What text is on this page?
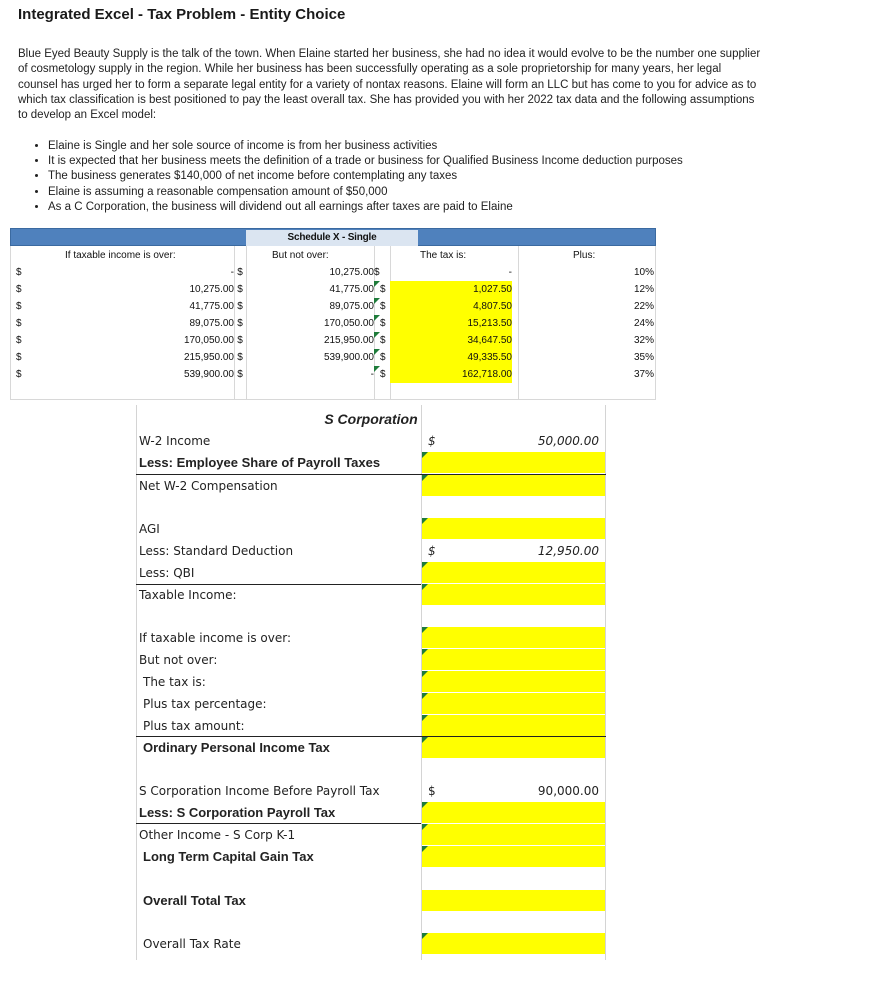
Integrated Excel - Tax Problem - Entity Choice
Blue Eyed Beauty Supply is the talk of the town. When Elaine started her business, she had no idea it would evolve to be the number one supplier of cosmetology supply in the region. While her business has been successfully operating as a sole proprietorship for many years, her legal counsel has urged her to form a separate legal entity for a variety of nontax reasons. Elaine will form an LLC but has come to you for advice as to which tax classification is best positioned to pay the least overall tax. She has provided you with her 2022 tax data and the following assumptions to develop an Excel model:
• Elaine is Single and her sole source of income is from her business activities
• It is expected that her business meets the definition of a trade or business for Qualified Business Income deduction purposes
• The business generates $140,000 of net income before contemplating any taxes
• Elaine is assuming a reasonable compensation amount of $50,000
• As a C Corporation, the business will dividend out all earnings after taxes are paid to Elaine
Schedule X - Single
If taxable income is over:	But not over:	The tax is:	Plus:
$	- $	10,275.00 $	-	10%
$	10,275.00 $	41,775.00 $	1,027.50	12%
$	41,775.00 $	89,075.00 $	4,807.50	22%
$	89,075.00 $	170,050.00 $	15,213.50	24%
$	170,050.00 $	215,950.00 $	34,647.50	32%
$	215,950.00 $	539,900.00 $	49,335.50	35%
$	539,900.00 $	- $	162,718.00	37%
S Corporation
W-2 Income	$	50,000.00
Less: Employee Share of Payroll Taxes
Net W-2 Compensation
AGI
Less: Standard Deduction	$	12,950.00
Less: QBI
Taxable Income:
If taxable income is over:
But not over:
The tax is:
Plus tax percentage:
Plus tax amount:
Ordinary Personal Income Tax
S Corporation Income Before Payroll Tax	$	90,000.00
Less: S Corporation Payroll Tax
Other Income - S Corp K-1
Long Term Capital Gain Tax
Overall Total Tax
Overall Tax Rate
